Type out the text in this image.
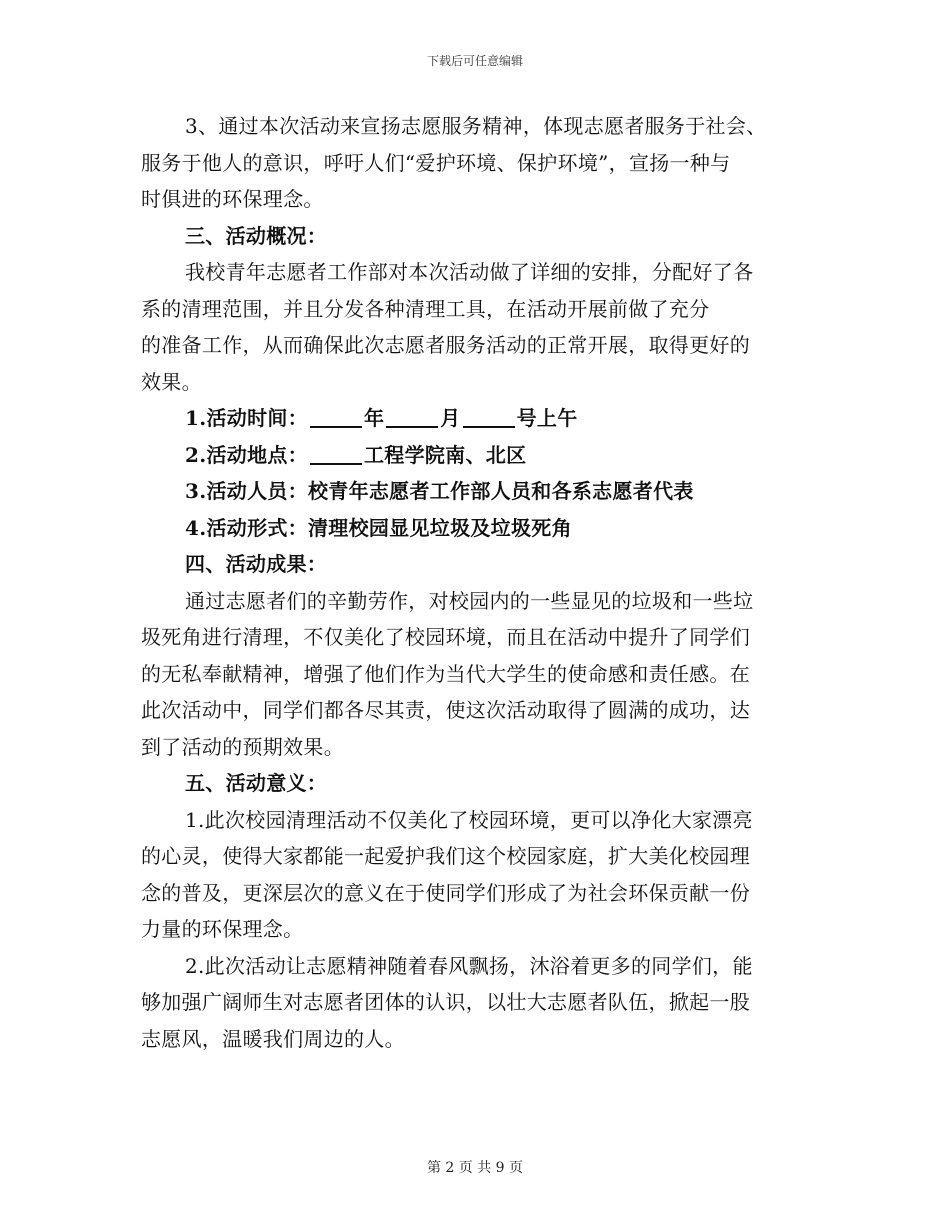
下载后可任意编辑
3、通过本次活动来宣扬志愿服务精神，体现志愿者服务于社会、
服务于他人的意识，呼吁人们“爱护环境、保护环境”，宣扬一种与
时俱进的环保理念。
三、活动概况：
我校青年志愿者工作部对本次活动做了详细的安排，分配好了各
系的清理范围，并且分发各种清理工具，在活动开展前做了充分
的准备工作，从而确保此次志愿者服务活动的正常开展，取得更好的
效果。
1.活动时间：	年	月	号上午
2.活动地点：	工程学院南、北区
3.活动人员：校青年志愿者工作部人员和各系志愿者代表
4.活动形式：清理校园显见垃圾及垃圾死角
四、活动成果：
通过志愿者们的辛勤劳作，对校园内的一些显见的垃圾和一些垃
圾死角进行清理，不仅美化了校园环境，而且在活动中提升了同学们
的无私奉献精神，增强了他们作为当代大学生的使命感和责任感。在
此次活动中，同学们都各尽其责，使这次活动取得了圆满的成功，达
到了活动的预期效果。
五、活动意义：
1.此次校园清理活动不仅美化了校园环境，更可以净化大家漂亮
的心灵，使得大家都能一起爱护我们这个校园家庭，扩大美化校园理
念的普及，更深层次的意义在于使同学们形成了为社会环保贡献一份
力量的环保理念。
2.此次活动让志愿精神随着春风飘扬，沐浴着更多的同学们，能
够加强广阔师生对志愿者团体的认识，以壮大志愿者队伍，掀起一股
志愿风，温暖我们周边的人。
第 2 页 共 9 页
